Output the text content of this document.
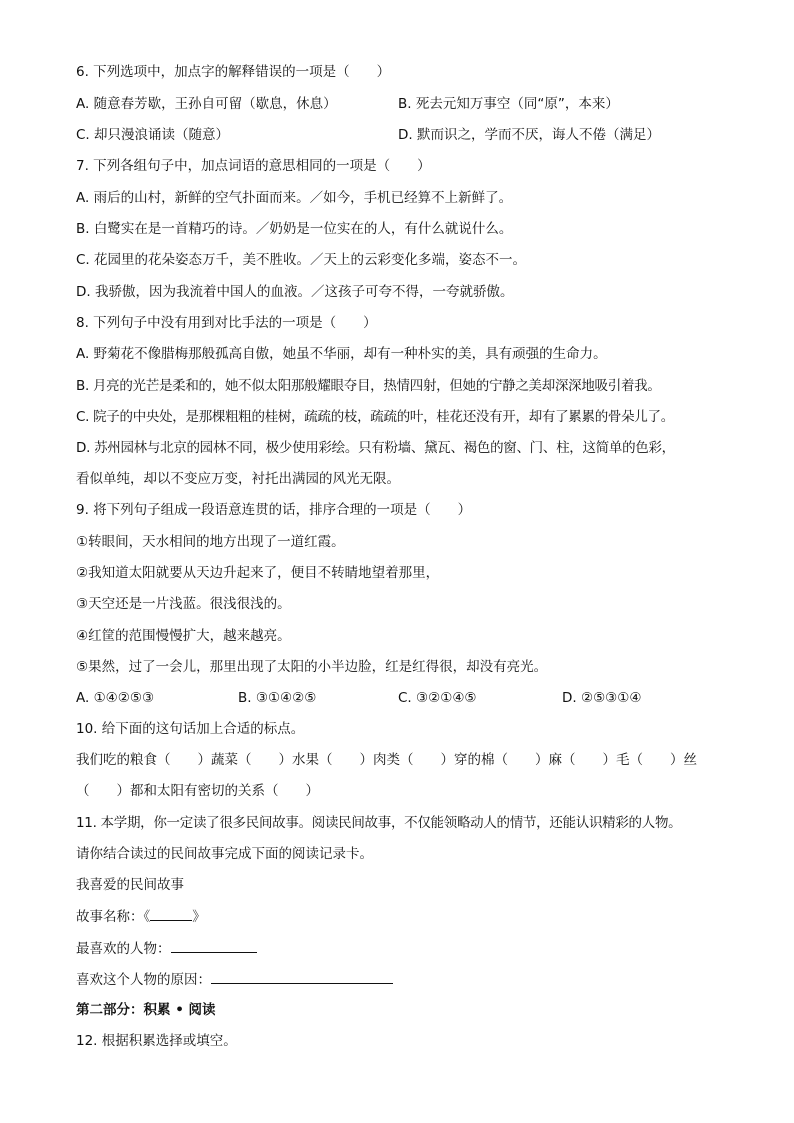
6. 下列选项中，加点字的解释错误的一项是（　　）
A. 随意春芳歇，王孙自可留（歇息，休息）	B. 死去元知万事空（同“原”，本来）
C. 却只漫浪诵读（随意）	D. 默而识之，学而不厌，诲人不倦（满足）
7. 下列各组句子中，加点词语的意思相同的一项是（　　）
A. 雨后的山村，新鲜的空气扑面而来。／如今，手机已经算不上新鲜了。
B. 白鹭实在是一首精巧的诗。／奶奶是一位实在的人，有什么就说什么。
C. 花园里的花朵姿态万千，美不胜收。／天上的云彩变化多端，姿态不一。
D. 我骄傲，因为我流着中国人的血液。／这孩子可夸不得，一夸就骄傲。
8. 下列句子中没有用到对比手法的一项是（　　）
A. 野菊花不像腊梅那般孤高自傲，她虽不华丽，却有一种朴实的美，具有顽强的生命力。
B. 月亮的光芒是柔和的，她不似太阳那般耀眼夺目，热情四射，但她的宁静之美却深深地吸引着我。
C. 院子的中央处，是那棵粗粗的桂树，疏疏的枝，疏疏的叶，桂花还没有开，却有了累累的骨朵儿了。
D. 苏州园林与北京的园林不同，极少使用彩绘。只有粉墙、黛瓦、褐色的窗、门、柱，这简单的色彩，
看似单纯，却以不变应万变，衬托出满园的风光无限。
9. 将下列句子组成一段语意连贯的话，排序合理的一项是（　　）
①转眼间，天水相间的地方出现了一道红霞。
②我知道太阳就要从天边升起来了，便目不转睛地望着那里，
③天空还是一片浅蓝。很浅很浅的。
④红筐的范围慢慢扩大，越来越亮。
⑤果然，过了一会儿，那里出现了太阳的小半边脸，红是红得很，却没有亮光。
A. ①④②⑤③	B. ③①④②⑤	C. ③②①④⑤	D. ②⑤③①④
10. 给下面的这句话加上合适的标点。
我们吃的粮食（　　）蔬菜（　　）水果（　　）肉类（　　）穿的棉（　　）麻（　　）毛（　　）丝
（　　）都和太阳有密切的关系（　　）
11. 本学期，你一定读了很多民间故事。阅读民间故事，不仅能领略动人的情节，还能认识精彩的人物。
请你结合读过的民间故事完成下面的阅读记录卡。
我喜爱的民间故事
故事名称：《	》
最喜欢的人物：
喜欢这个人物的原因：
第二部分：积累 • 阅读
12. 根据积累选择或填空。
